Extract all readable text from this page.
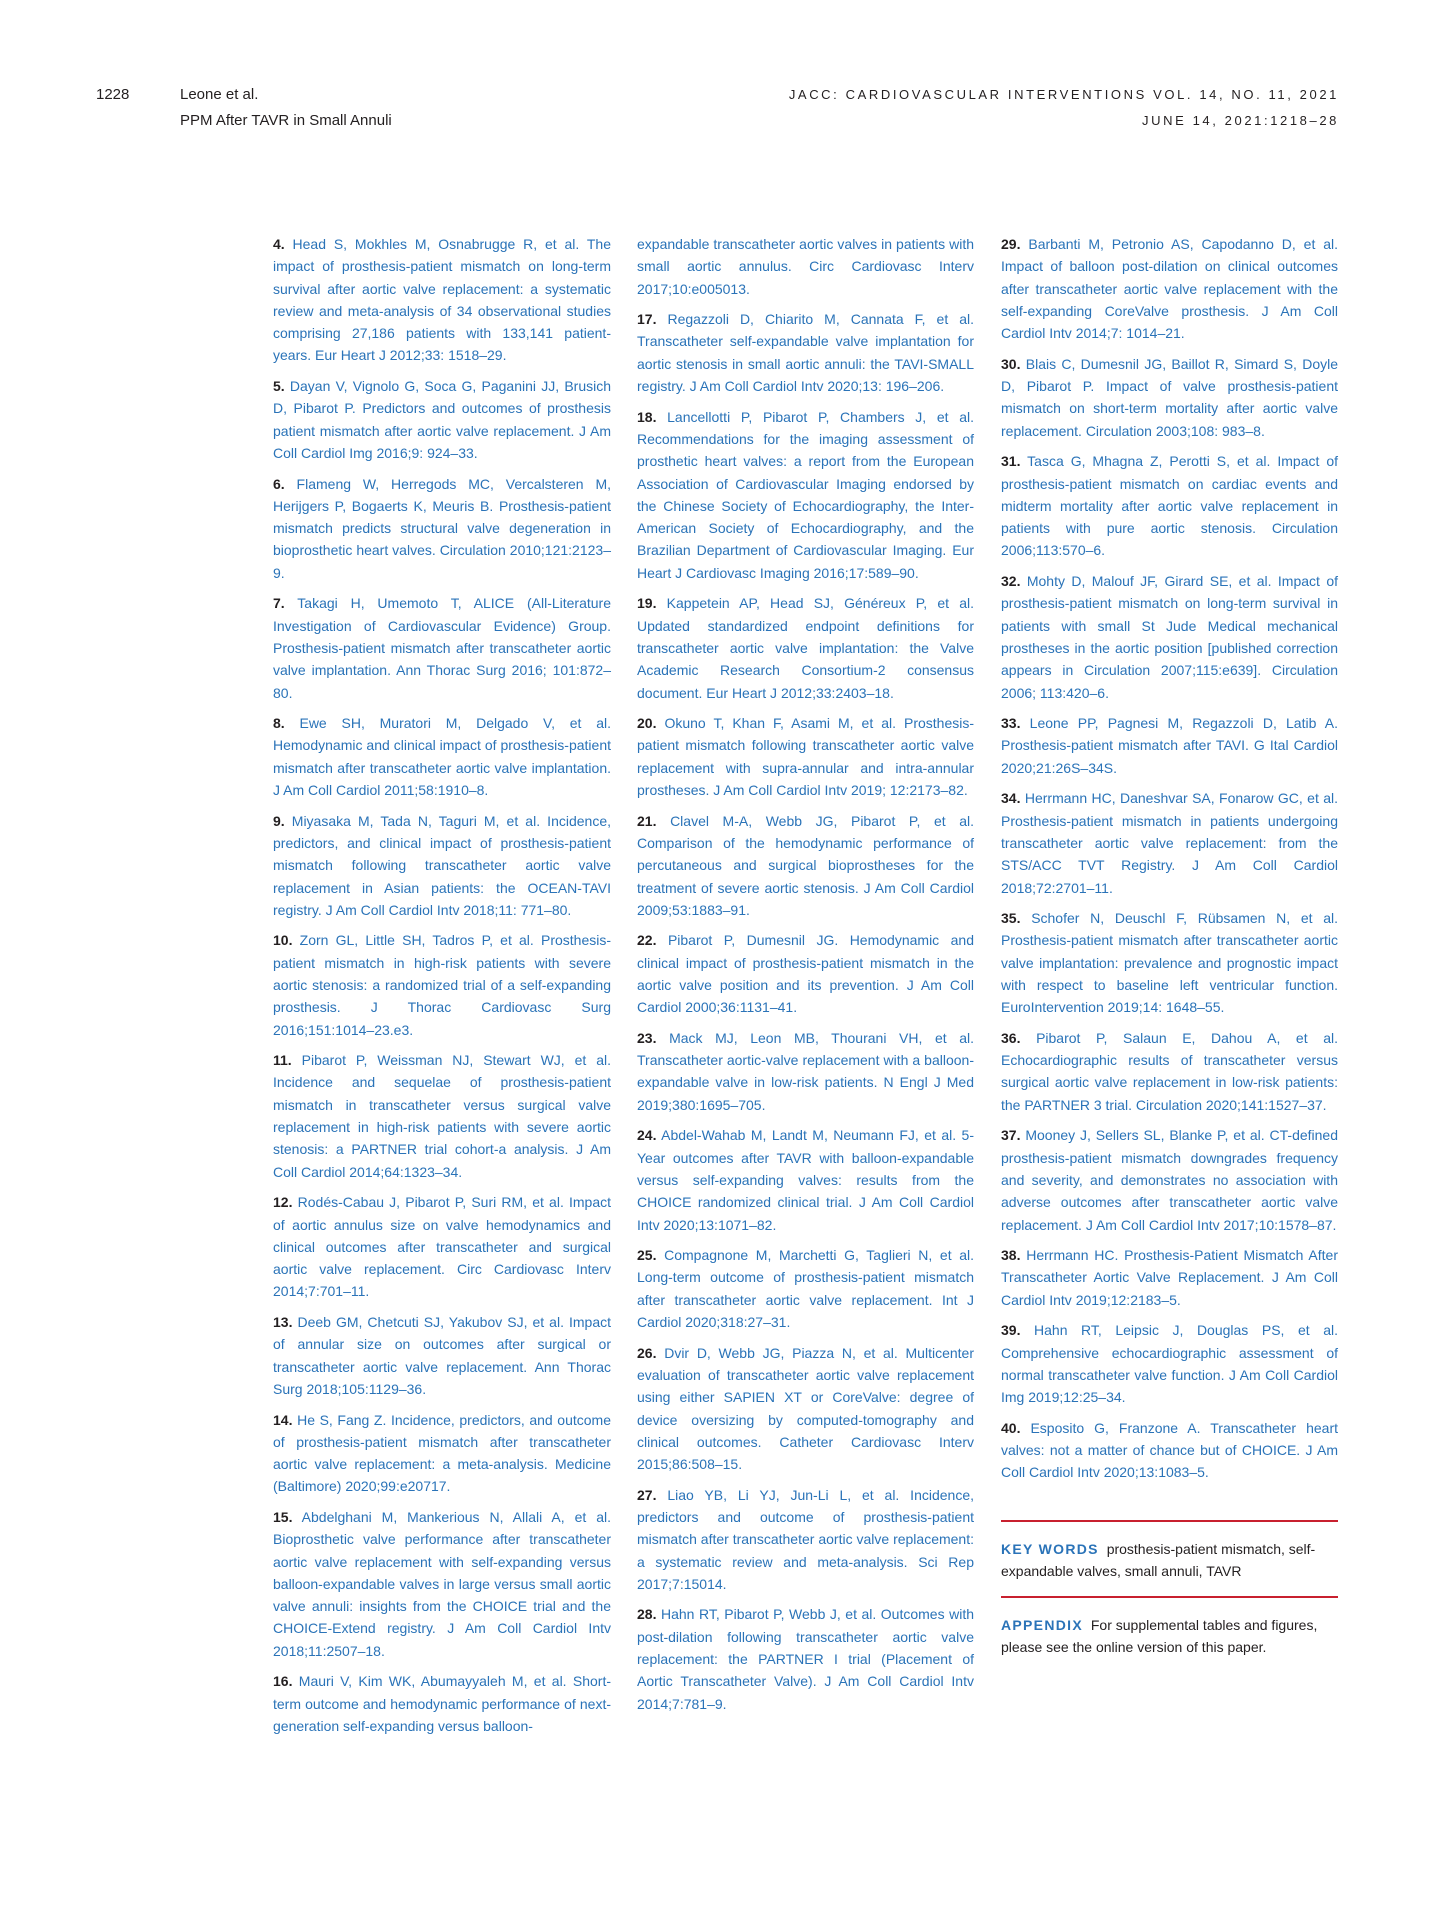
1228	Leone et al.
PPM After TAVR in Small Annuli
JACC: CARDIOVASCULAR INTERVENTIONS VOL. 14, NO. 11, 2021
JUNE 14, 2021:1218–28

4. Head S, Mokhles M, Osnabrugge R, et al. The impact of prosthesis-patient mismatch on long-term survival after aortic valve replacement: a systematic review and meta-analysis of 34 observational studies comprising 27,186 patients with 133,141 patient-years. Eur Heart J 2012;33: 1518–29.

5. Dayan V, Vignolo G, Soca G, Paganini JJ, Brusich D, Pibarot P. Predictors and outcomes of prosthesis patient mismatch after aortic valve replacement. J Am Coll Cardiol Img 2016;9: 924–33.

6. Flameng W, Herregods MC, Vercalsteren M, Herijgers P, Bogaerts K, Meuris B. Prosthesis-patient mismatch predicts structural valve degeneration in bioprosthetic heart valves. Circulation 2010;121:2123–9.

7. Takagi H, Umemoto T, ALICE (All-Literature Investigation of Cardiovascular Evidence) Group. Prosthesis-patient mismatch after transcatheter aortic valve implantation. Ann Thorac Surg 2016; 101:872–80.

8. Ewe SH, Muratori M, Delgado V, et al. Hemodynamic and clinical impact of prosthesis-patient mismatch after transcatheter aortic valve implantation. J Am Coll Cardiol 2011;58:1910–8.

9. Miyasaka M, Tada N, Taguri M, et al. Incidence, predictors, and clinical impact of prosthesis-patient mismatch following transcatheter aortic valve replacement in Asian patients: the OCEAN-TAVI registry. J Am Coll Cardiol Intv 2018;11: 771–80.

10. Zorn GL, Little SH, Tadros P, et al. Prosthesis-patient mismatch in high-risk patients with severe aortic stenosis: a randomized trial of a self-expanding prosthesis. J Thorac Cardiovasc Surg 2016;151:1014–23.e3.

11. Pibarot P, Weissman NJ, Stewart WJ, et al. Incidence and sequelae of prosthesis-patient mismatch in transcatheter versus surgical valve replacement in high-risk patients with severe aortic stenosis: a PARTNER trial cohort-a analysis. J Am Coll Cardiol 2014;64:1323–34.

12. Rodés-Cabau J, Pibarot P, Suri RM, et al. Impact of aortic annulus size on valve hemodynamics and clinical outcomes after transcatheter and surgical aortic valve replacement. Circ Cardiovasc Interv 2014;7:701–11.

13. Deeb GM, Chetcuti SJ, Yakubov SJ, et al. Impact of annular size on outcomes after surgical or transcatheter aortic valve replacement. Ann Thorac Surg 2018;105:1129–36.

14. He S, Fang Z. Incidence, predictors, and outcome of prosthesis-patient mismatch after transcatheter aortic valve replacement: a meta-analysis. Medicine (Baltimore) 2020;99:e20717.

15. Abdelghani M, Mankerious N, Allali A, et al. Bioprosthetic valve performance after transcatheter aortic valve replacement with self-expanding versus balloon-expandable valves in large versus small aortic valve annuli: insights from the CHOICE trial and the CHOICE-Extend registry. J Am Coll Cardiol Intv 2018;11:2507–18.

16. Mauri V, Kim WK, Abumayyaleh M, et al. Short-term outcome and hemodynamic performance of next-generation self-expanding versus balloon-

expandable transcatheter aortic valves in patients with small aortic annulus. Circ Cardiovasc Interv 2017;10:e005013.

17. Regazzoli D, Chiarito M, Cannata F, et al. Transcatheter self-expandable valve implantation for aortic stenosis in small aortic annuli: the TAVI-SMALL registry. J Am Coll Cardiol Intv 2020;13: 196–206.

18. Lancellotti P, Pibarot P, Chambers J, et al. Recommendations for the imaging assessment of prosthetic heart valves: a report from the European Association of Cardiovascular Imaging endorsed by the Chinese Society of Echocardiography, the Inter-American Society of Echocardiography, and the Brazilian Department of Cardiovascular Imaging. Eur Heart J Cardiovasc Imaging 2016;17:589–90.

19. Kappetein AP, Head SJ, Généreux P, et al. Updated standardized endpoint definitions for transcatheter aortic valve implantation: the Valve Academic Research Consortium-2 consensus document. Eur Heart J 2012;33:2403–18.

20. Okuno T, Khan F, Asami M, et al. Prosthesis-patient mismatch following transcatheter aortic valve replacement with supra-annular and intra-annular prostheses. J Am Coll Cardiol Intv 2019; 12:2173–82.

21. Clavel M-A, Webb JG, Pibarot P, et al. Comparison of the hemodynamic performance of percutaneous and surgical bioprostheses for the treatment of severe aortic stenosis. J Am Coll Cardiol 2009;53:1883–91.

22. Pibarot P, Dumesnil JG. Hemodynamic and clinical impact of prosthesis-patient mismatch in the aortic valve position and its prevention. J Am Coll Cardiol 2000;36:1131–41.

23. Mack MJ, Leon MB, Thourani VH, et al. Transcatheter aortic-valve replacement with a balloon-expandable valve in low-risk patients. N Engl J Med 2019;380:1695–705.

24. Abdel-Wahab M, Landt M, Neumann FJ, et al. 5-Year outcomes after TAVR with balloon-expandable versus self-expanding valves: results from the CHOICE randomized clinical trial. J Am Coll Cardiol Intv 2020;13:1071–82.

25. Compagnone M, Marchetti G, Taglieri N, et al. Long-term outcome of prosthesis-patient mismatch after transcatheter aortic valve replacement. Int J Cardiol 2020;318:27–31.

26. Dvir D, Webb JG, Piazza N, et al. Multicenter evaluation of transcatheter aortic valve replacement using either SAPIEN XT or CoreValve: degree of device oversizing by computed-tomography and clinical outcomes. Catheter Cardiovasc Interv 2015;86:508–15.

27. Liao YB, Li YJ, Jun-Li L, et al. Incidence, predictors and outcome of prosthesis-patient mismatch after transcatheter aortic valve replacement: a systematic review and meta-analysis. Sci Rep 2017;7:15014.

28. Hahn RT, Pibarot P, Webb J, et al. Outcomes with post-dilation following transcatheter aortic valve replacement: the PARTNER I trial (Placement of Aortic Transcatheter Valve). J Am Coll Cardiol Intv 2014;7:781–9.

29. Barbanti M, Petronio AS, Capodanno D, et al. Impact of balloon post-dilation on clinical outcomes after transcatheter aortic valve replacement with the self-expanding CoreValve prosthesis. J Am Coll Cardiol Intv 2014;7: 1014–21.

30. Blais C, Dumesnil JG, Baillot R, Simard S, Doyle D, Pibarot P. Impact of valve prosthesis-patient mismatch on short-term mortality after aortic valve replacement. Circulation 2003;108: 983–8.

31. Tasca G, Mhagna Z, Perotti S, et al. Impact of prosthesis-patient mismatch on cardiac events and midterm mortality after aortic valve replacement in patients with pure aortic stenosis. Circulation 2006;113:570–6.

32. Mohty D, Malouf JF, Girard SE, et al. Impact of prosthesis-patient mismatch on long-term survival in patients with small St Jude Medical mechanical prostheses in the aortic position [published correction appears in Circulation 2007;115:e639]. Circulation 2006; 113:420–6.

33. Leone PP, Pagnesi M, Regazzoli D, Latib A. Prosthesis-patient mismatch after TAVI. G Ital Cardiol 2020;21:26S–34S.

34. Herrmann HC, Daneshvar SA, Fonarow GC, et al. Prosthesis-patient mismatch in patients undergoing transcatheter aortic valve replacement: from the STS/ACC TVT Registry. J Am Coll Cardiol 2018;72:2701–11.

35. Schofer N, Deuschl F, Rübsamen N, et al. Prosthesis-patient mismatch after transcatheter aortic valve implantation: prevalence and prognostic impact with respect to baseline left ventricular function. EuroIntervention 2019;14: 1648–55.

36. Pibarot P, Salaun E, Dahou A, et al. Echocardiographic results of transcatheter versus surgical aortic valve replacement in low-risk patients: the PARTNER 3 trial. Circulation 2020;141:1527–37.

37. Mooney J, Sellers SL, Blanke P, et al. CT-defined prosthesis-patient mismatch downgrades frequency and severity, and demonstrates no association with adverse outcomes after transcatheter aortic valve replacement. J Am Coll Cardiol Intv 2017;10:1578–87.

38. Herrmann HC. Prosthesis-Patient Mismatch After Transcatheter Aortic Valve Replacement. J Am Coll Cardiol Intv 2019;12:2183–5.

39. Hahn RT, Leipsic J, Douglas PS, et al. Comprehensive echocardiographic assessment of normal transcatheter valve function. J Am Coll Cardiol Img 2019;12:25–34.

40. Esposito G, Franzone A. Transcatheter heart valves: not a matter of chance but of CHOICE. J Am Coll Cardiol Intv 2020;13:1083–5.

KEY WORDS prosthesis-patient mismatch, self-expandable valves, small annuli, TAVR
APPENDIX For supplemental tables and figures, please see the online version of this paper.
